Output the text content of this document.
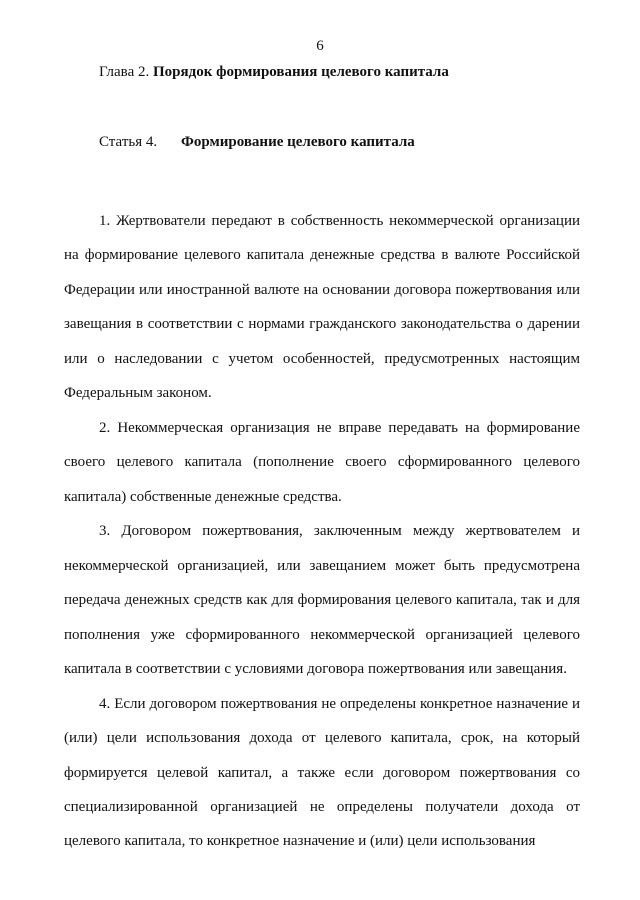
6
Глава 2. Порядок формирования целевого капитала
Статья 4. Формирование целевого капитала

1. Жертвователи передают в собственность некоммерческой организации на формирование целевого капитала денежные средства в валюте Российской Федерации или иностранной валюте на основании договора пожертвования или завещания в соответствии с нормами гражданского законодательства о дарении или о наследовании с учетом особенностей, предусмотренных настоящим Федеральным законом.

2. Некоммерческая организация не вправе передавать на формирование своего целевого капитала (пополнение своего сформированного целевого капитала) собственные денежные средства.

3. Договором пожертвования, заключенным между жертвователем и некоммерческой организацией, или завещанием может быть предусмотрена передача денежных средств как для формирования целевого капитала, так и для пополнения уже сформированного некоммерческой организацией целевого капитала в соответствии с условиями договора пожертвования или завещания.

4. Если договором пожертвования не определены конкретное назначение и (или) цели использования дохода от целевого капитала, срок, на который формируется целевой капитал, а также если договором пожертвования со специализированной организацией не определены получатели дохода от целевого капитала, то конкретное назначение и (или) цели использования
